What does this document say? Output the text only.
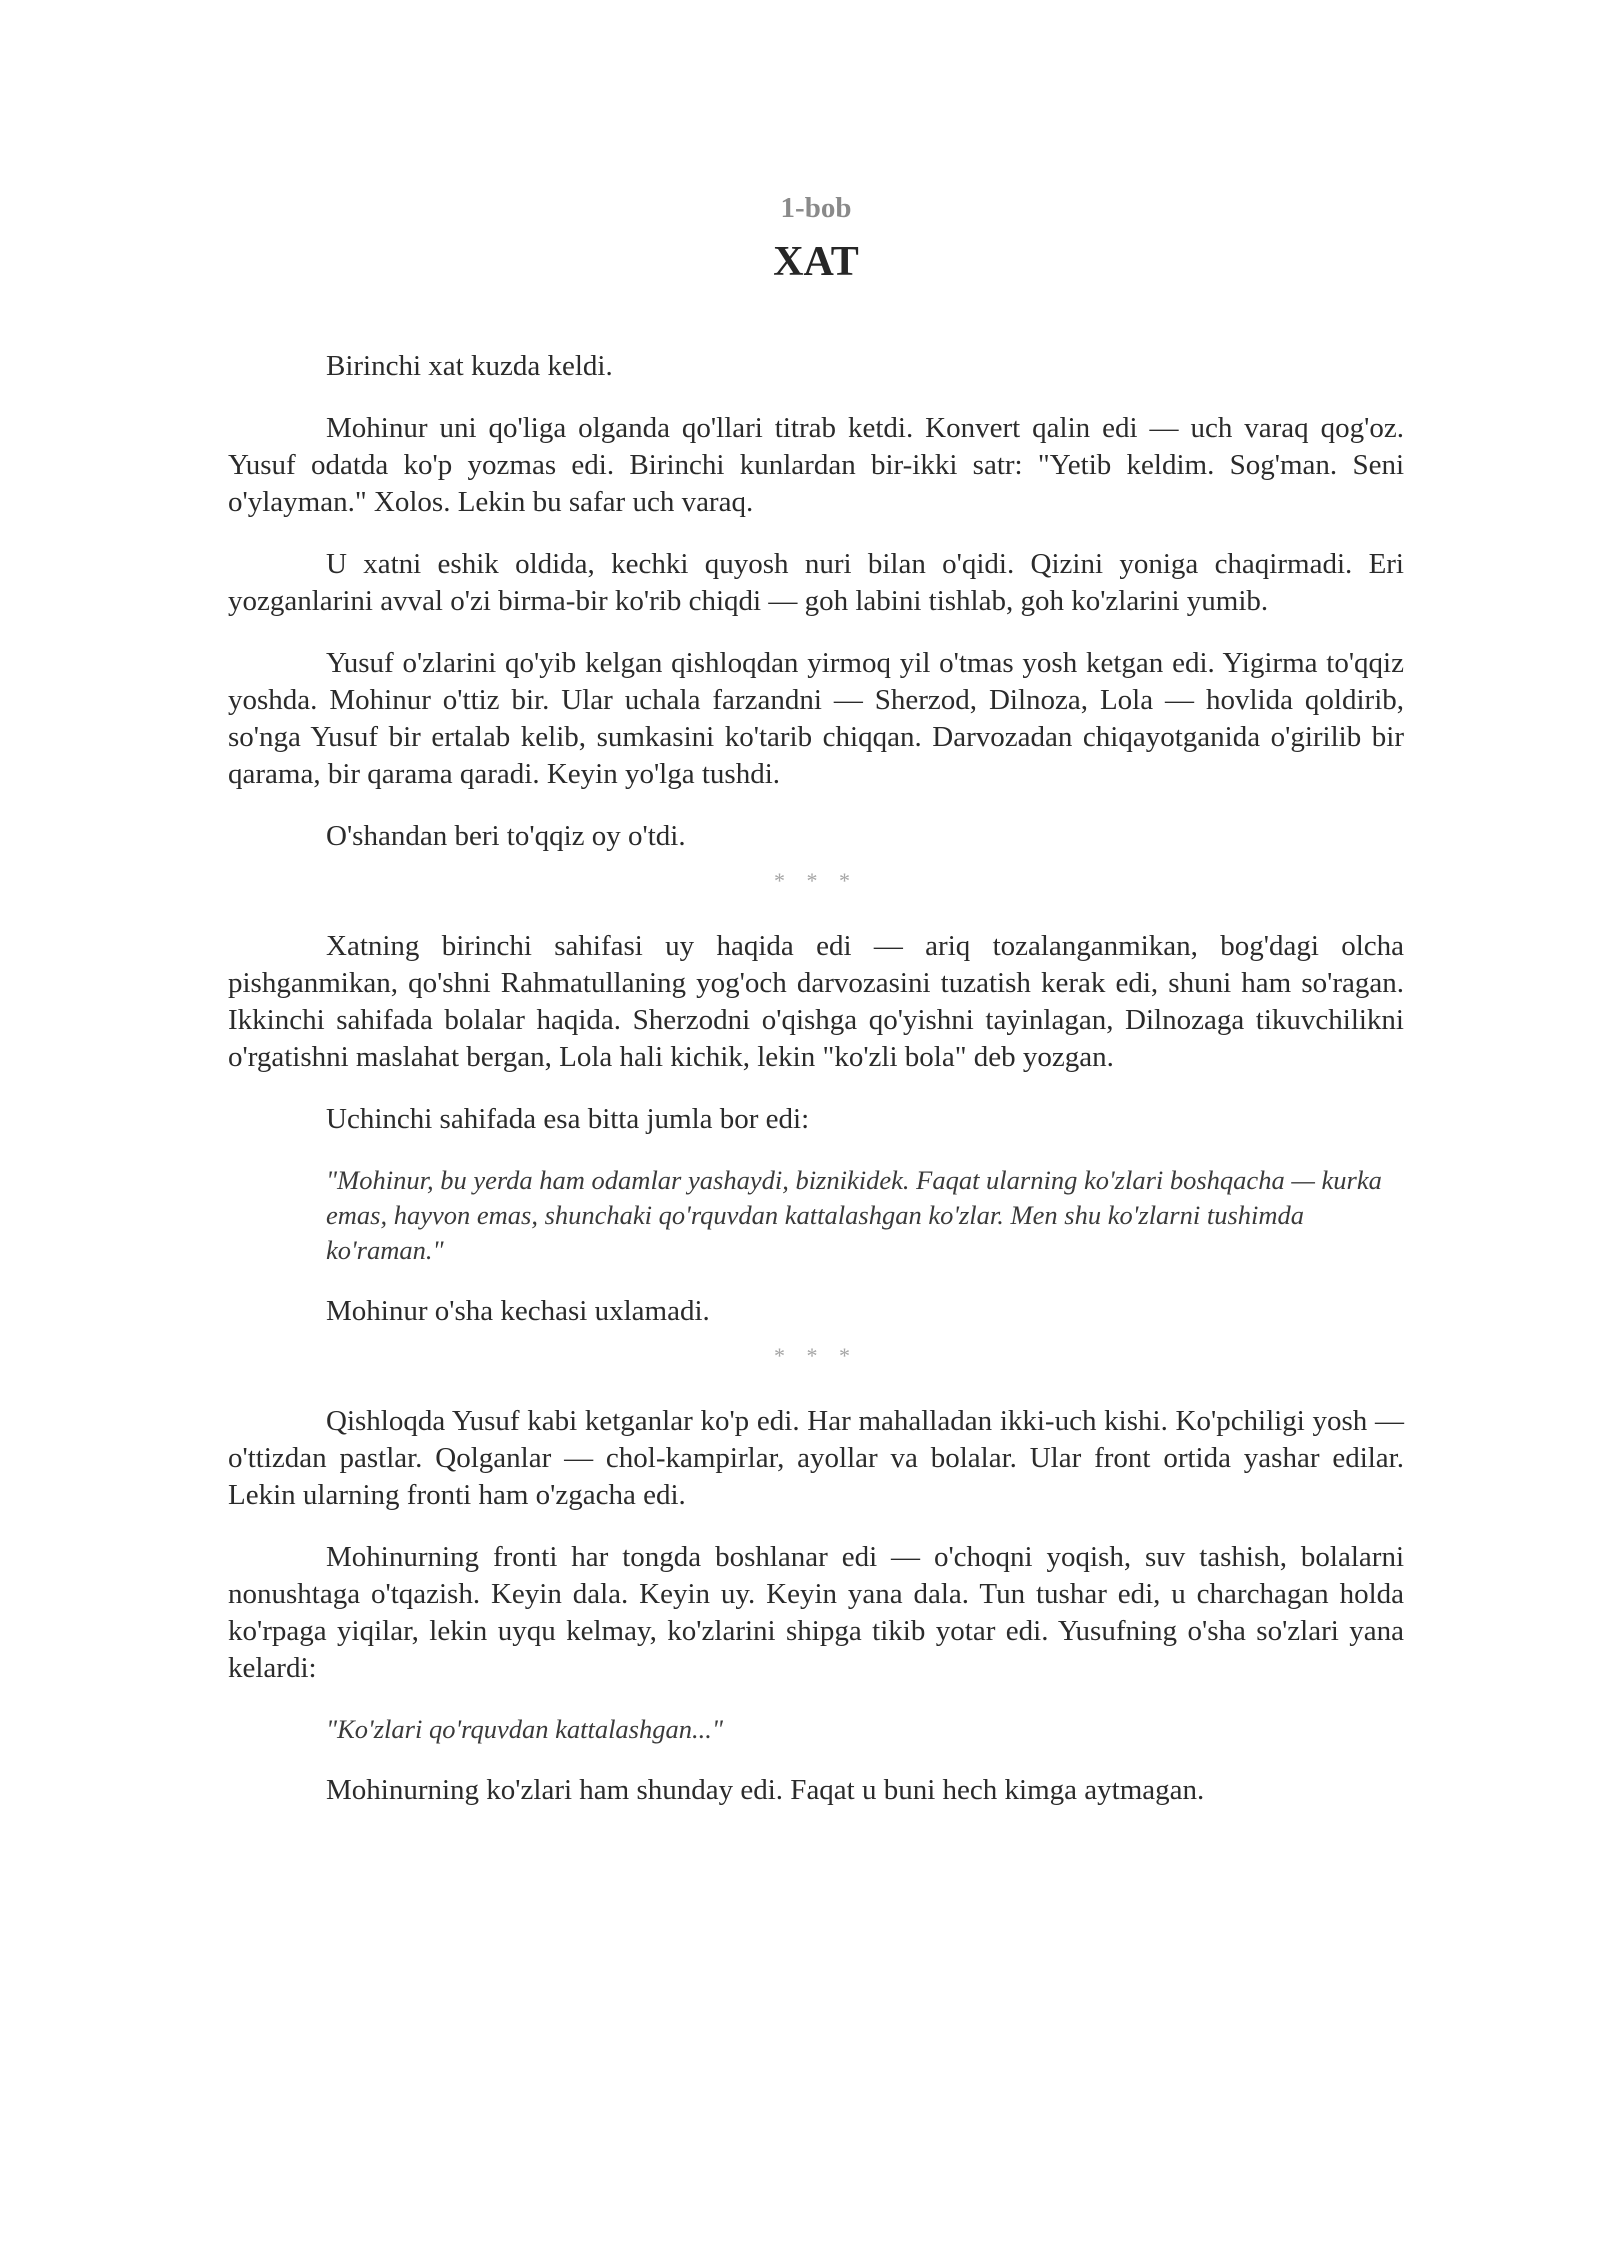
1-bob
XAT

Birinchi xat kuzda keldi.

Mohinur uni qo'liga olganda qo'llari titrab ketdi. Konvert qalin edi — uch varaq qog'oz. Yusuf odatda ko'p yozmas edi. Birinchi kunlardan bir-ikki satr: "Yetib keldim. Sog'man. Seni o'ylayman." Xolos. Lekin bu safar uch varaq.

U xatni eshik oldida, kechki quyosh nuri bilan o'qidi. Qizini yoniga chaqirmadi. Eri yozganlarini avval o'zi birma-bir ko'rib chiqdi — goh labini tishlab, goh ko'zlarini yumib.

Yusuf o'zlarini qo'yib kelgan qishloqdan yirmoq yil o'tmas yosh ketgan edi. Yigirma to'qqiz yoshda. Mohinur o'ttiz bir. Ular uchala farzandni — Sherzod, Dilnoza, Lola — hovlida qoldirib, so'nga Yusuf bir ertalab kelib, sumkasini ko'tarib chiqqan. Darvozadan chiqayotganida o'girilib bir qarama, bir qarama qaradi. Keyin yo'lga tushdi.

O'shandan beri to'qqiz oy o'tdi.

* * *

Xatning birinchi sahifasi uy haqida edi — ariq tozalanganmikan, bog'dagi olcha pishganmikan, qo'shni Rahmatullaning yog'och darvozasini tuzatish kerak edi, shuni ham so'ragan. Ikkinchi sahifada bolalar haqida. Sherzodni o'qishga qo'yishni tayinlagan, Dilnozaga tikuvchilikni o'rgatishni maslahat bergan, Lola hali kichik, lekin "ko'zli bola" deb yozgan.

Uchinchi sahifada esa bitta jumla bor edi:

"Mohinur, bu yerda ham odamlar yashaydi, biznikidek. Faqat ularning ko'zlari boshqacha — kurka emas, hayvon emas, shunchaki qo'rquvdan kattalashgan ko'zlar. Men shu ko'zlarni tushimda ko'raman."

Mohinur o'sha kechasi uxlamadi.

* * *

Qishloqda Yusuf kabi ketganlar ko'p edi. Har mahalladan ikki-uch kishi. Ko'pchiligi yosh — o'ttizdan pastlar. Qolganlar — chol-kampirlar, ayollar va bolalar. Ular front ortida yashar edilar. Lekin ularning fronti ham o'zgacha edi.

Mohinurning fronti har tongda boshlanar edi — o'choqni yoqish, suv tashish, bolalarni nonushtaga o'tqazish. Keyin dala. Keyin uy. Keyin yana dala. Tun tushar edi, u charchagan holda ko'rpaga yiqilar, lekin uyqu kelmay, ko'zlarini shipga tikib yotar edi. Yusufning o'sha so'zlari yana kelardi:

"Ko'zlari qo'rquvdan kattalashgan..."

Mohinurning ko'zlari ham shunday edi. Faqat u buni hech kimga aytmagan.
